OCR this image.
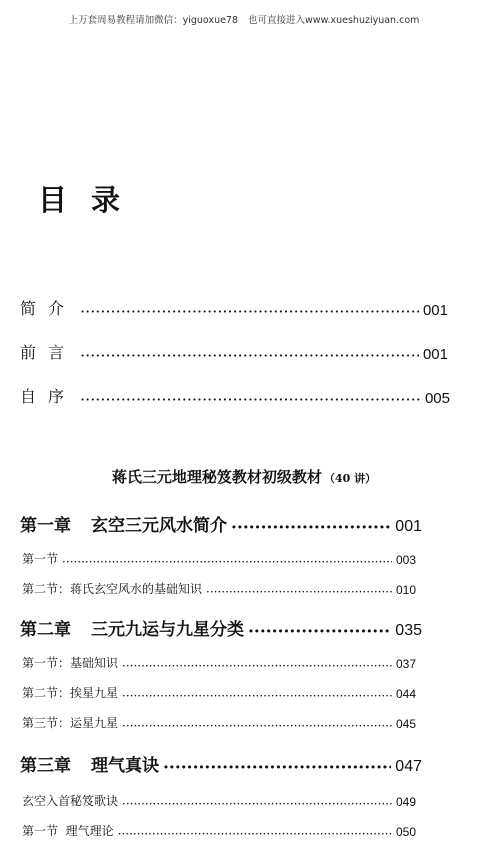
上万套周易教程请加微信：yiguoxue78 也可直接进入www.xueshuziyuan.com
目录
简介 ·····	001
前言 ·····	001
自序 ·····	005
蒋氏三元地理秘笈教材初级教材 （40 讲）
第一章 玄空三元风水简介 ·····	001
第一节 ·····	003
第二节：蒋氏玄空风水的基础知识 ·····	010
第二章 三元九运与九星分类 ·····	035
第一节：基础知识 ·····	037
第二节：挨星九星 ·····	044
第三节：运星九星 ·····	045
第三章 理气真诀 ·····	047
玄空入首秘笈歌诀 ·····	049
第一节  理气理论 ·····	050
